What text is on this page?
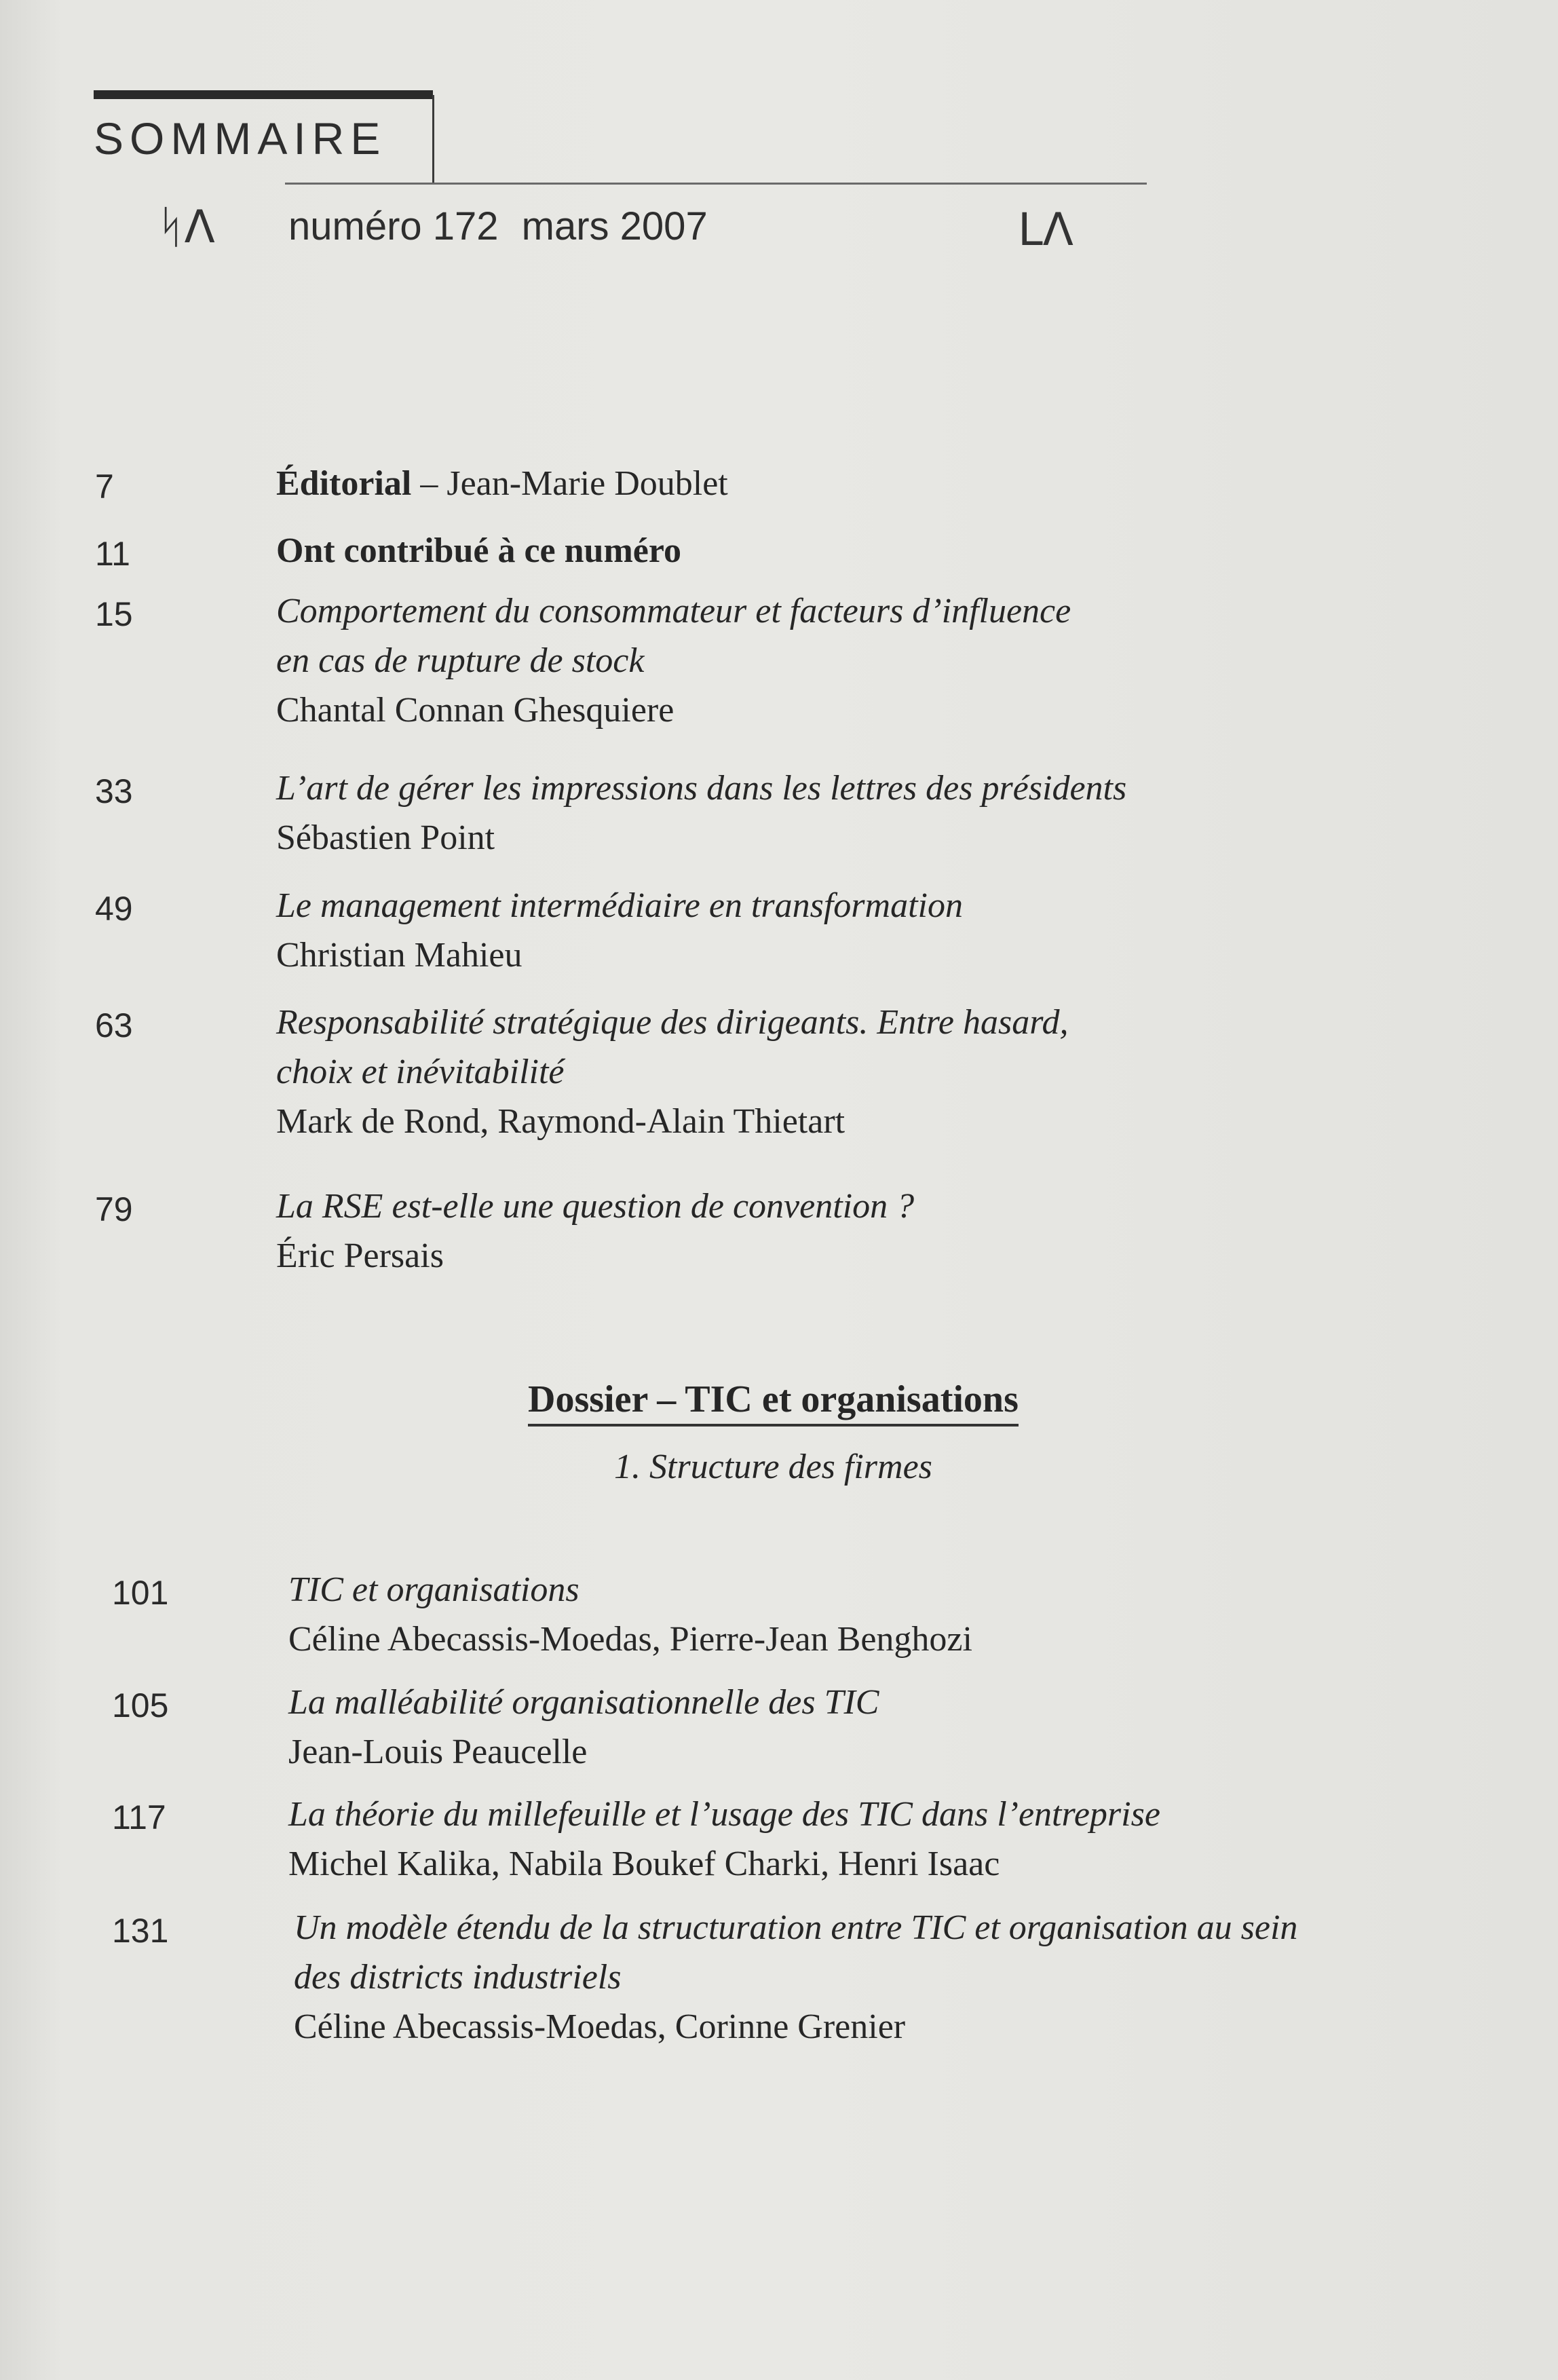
SOMMAIRE
ᛋᐱ numéro 172 mars 2007	Lᐱ
7	Éditorial – Jean-Marie Doublet
11	Ont contribué à ce numéro
15	Comportement du consommateur et facteurs d’influence
en cas de rupture de stock
Chantal Connan Ghesquiere
33	L’art de gérer les impressions dans les lettres des présidents
Sébastien Point
49	Le management intermédiaire en transformation
Christian Mahieu
63	Responsabilité stratégique des dirigeants. Entre hasard,
choix et inévitabilité
Mark de Rond, Raymond-Alain Thietart
79	La RSE est-elle une question de convention ?
Éric Persais
Dossier – TIC et organisations
1. Structure des firmes
101	TIC et organisations
Céline Abecassis-Moedas, Pierre-Jean Benghozi
105	La malléabilité organisationnelle des TIC
Jean-Louis Peaucelle
117	La théorie du millefeuille et l’usage des TIC dans l’entreprise
Michel Kalika, Nabila Boukef Charki, Henri Isaac
131	Un modèle étendu de la structuration entre TIC et organisation au sein
des districts industriels
Céline Abecassis-Moedas, Corinne Grenier
